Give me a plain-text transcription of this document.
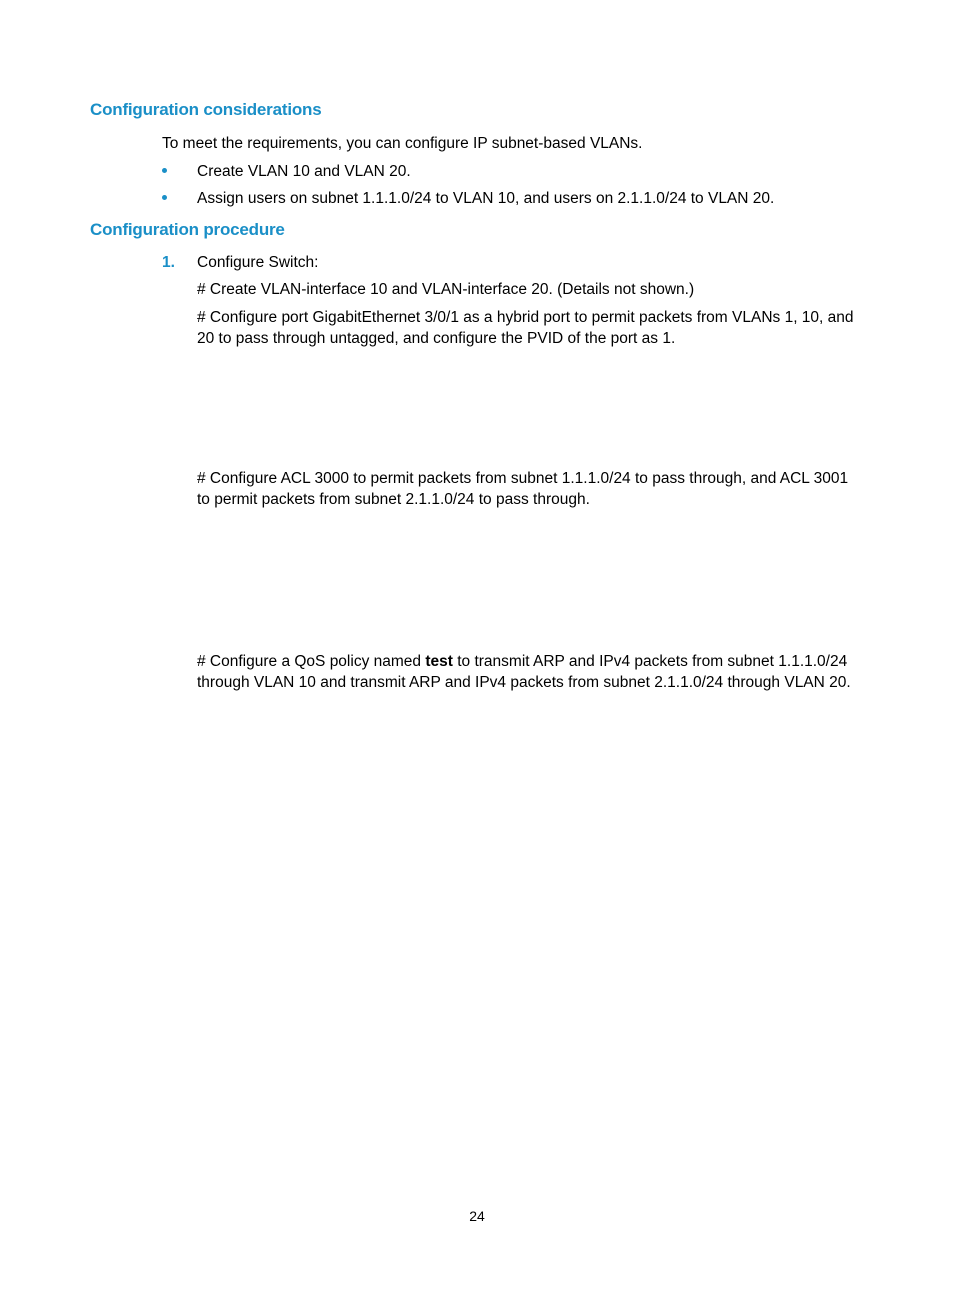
Configuration considerations

To meet the requirements, you can configure IP subnet-based VLANs.

Create VLAN 10 and VLAN 20.
Assign users on subnet 1.1.1.0/24 to VLAN 10, and users on 2.1.1.0/24 to VLAN 20.
Configuration procedure
1. Configure Switch:

# Create VLAN-interface 10 and VLAN-interface 20. (Details not shown.)

# Configure port GigabitEthernet 3/0/1 as a hybrid port to permit packets from VLANs 1, 10, and 20 to pass through untagged, and configure the PVID of the port as 1.

# Configure ACL 3000 to permit packets from subnet 1.1.1.0/24 to pass through, and ACL 3001 to permit packets from subnet 2.1.1.0/24 to pass through.

# Configure a QoS policy named test to transmit ARP and IPv4 packets from subnet 1.1.1.0/24 through VLAN 10 and transmit ARP and IPv4 packets from subnet 2.1.1.0/24 through VLAN 20.

24
